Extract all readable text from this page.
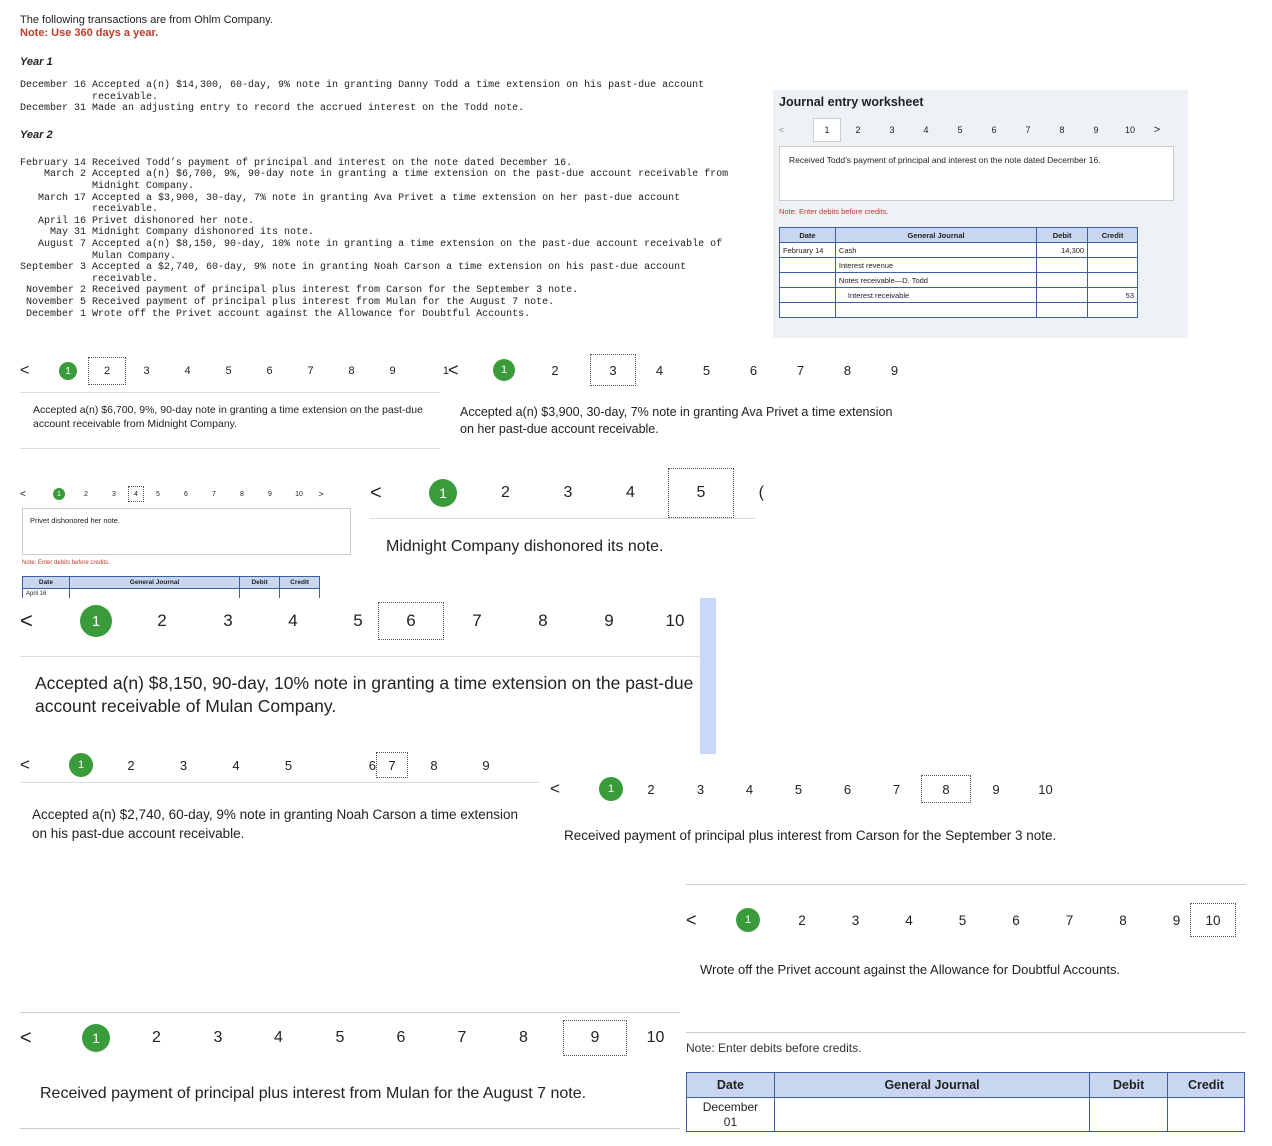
The following transactions are from Ohlm Company.
Note: Use 360 days a year.
Year 1
December 16	Accepted a(n) $14,300, 60-day, 9% note in granting Danny Todd a time extension on his past-due account
receivable.
December 31	Made an adjusting entry to record the accrued interest on the Todd note.
Year 2
February 14	Received Todd’s payment of principal and interest on the note dated December 16.
March 2	Accepted a(n) $6,700, 9%, 90-day note in granting a time extension on the past-due account receivable from
Midnight Company.
March 17	Accepted a $3,900, 30-day, 7% note in granting Ava Privet a time extension on her past-due account
receivable.
April 16	Privet dishonored her note.
May 31	Midnight Company dishonored its note.
August 7	Accepted a(n) $8,150, 90-day, 10% note in granting a time extension on the past-due account receivable of
Mulan Company.
September 3	Accepted a $2,740, 60-day, 9% note in granting Noah Carson a time extension on his past-due account
receivable.
November 2	Received payment of principal plus interest from Carson for the September 3 note.
November 5	Received payment of principal plus interest from Mulan for the August 7 note.
December 1	Wrote off the Privet account against the Allowance for Doubtful Accounts.
Journal entry worksheet
<	1	2	3	4	5	6	7	8	9	10	>
Received Todd’s payment of principal and interest on the note dated December 16.
Note: Enter debits before credits.
Date	General Journal	Debit	Credit
February 14	Cash	14,300	
	Interest revenue		
	Notes receivable—D. Todd		
	Interest receivable		53

<	1	2	3	4	5	6	7	8	9	1
Accepted a(n) $6,700, 9%, 90-day note in granting a time extension on the past-due account receivable from Midnight Company.
<	1	2	3	4	5	6	7	8	9
Accepted a(n) $3,900, 30-day, 7% note in granting Ava Privet a time extension on her past-due account receivable.
<	1	2	3	4	5	6	7	8	9	10	>
Privet dishonored her note.
Note: Enter debits before credits.
Date	General Journal	Debit	Credit
April 16			
<	1	2	3	4	5	(
Midnight Company dishonored its note.
<	1	2	3	4	5	6	7	8	9	10
Accepted a(n) $8,150, 90-day, 10% note in granting a time extension on the past-due account receivable of Mulan Company.
<	1	2	3	4	5	6 7	8	9
Accepted a(n) $2,740, 60-day, 9% note in granting Noah Carson a time extension on his past-due account receivable.
<	1	2	3	4	5	6	7	8	9	10
Received payment of principal plus interest from Carson for the September 3 note.
<	1	2	3	4	5	6	7	8	9	10
Wrote off the Privet account against the Allowance for Doubtful Accounts.
Note: Enter debits before credits.
Date	General Journal	Debit	Credit
December
01			
<	1	2	3	4	5	6	7	8	9	10
Received payment of principal plus interest from Mulan for the August 7 note.
